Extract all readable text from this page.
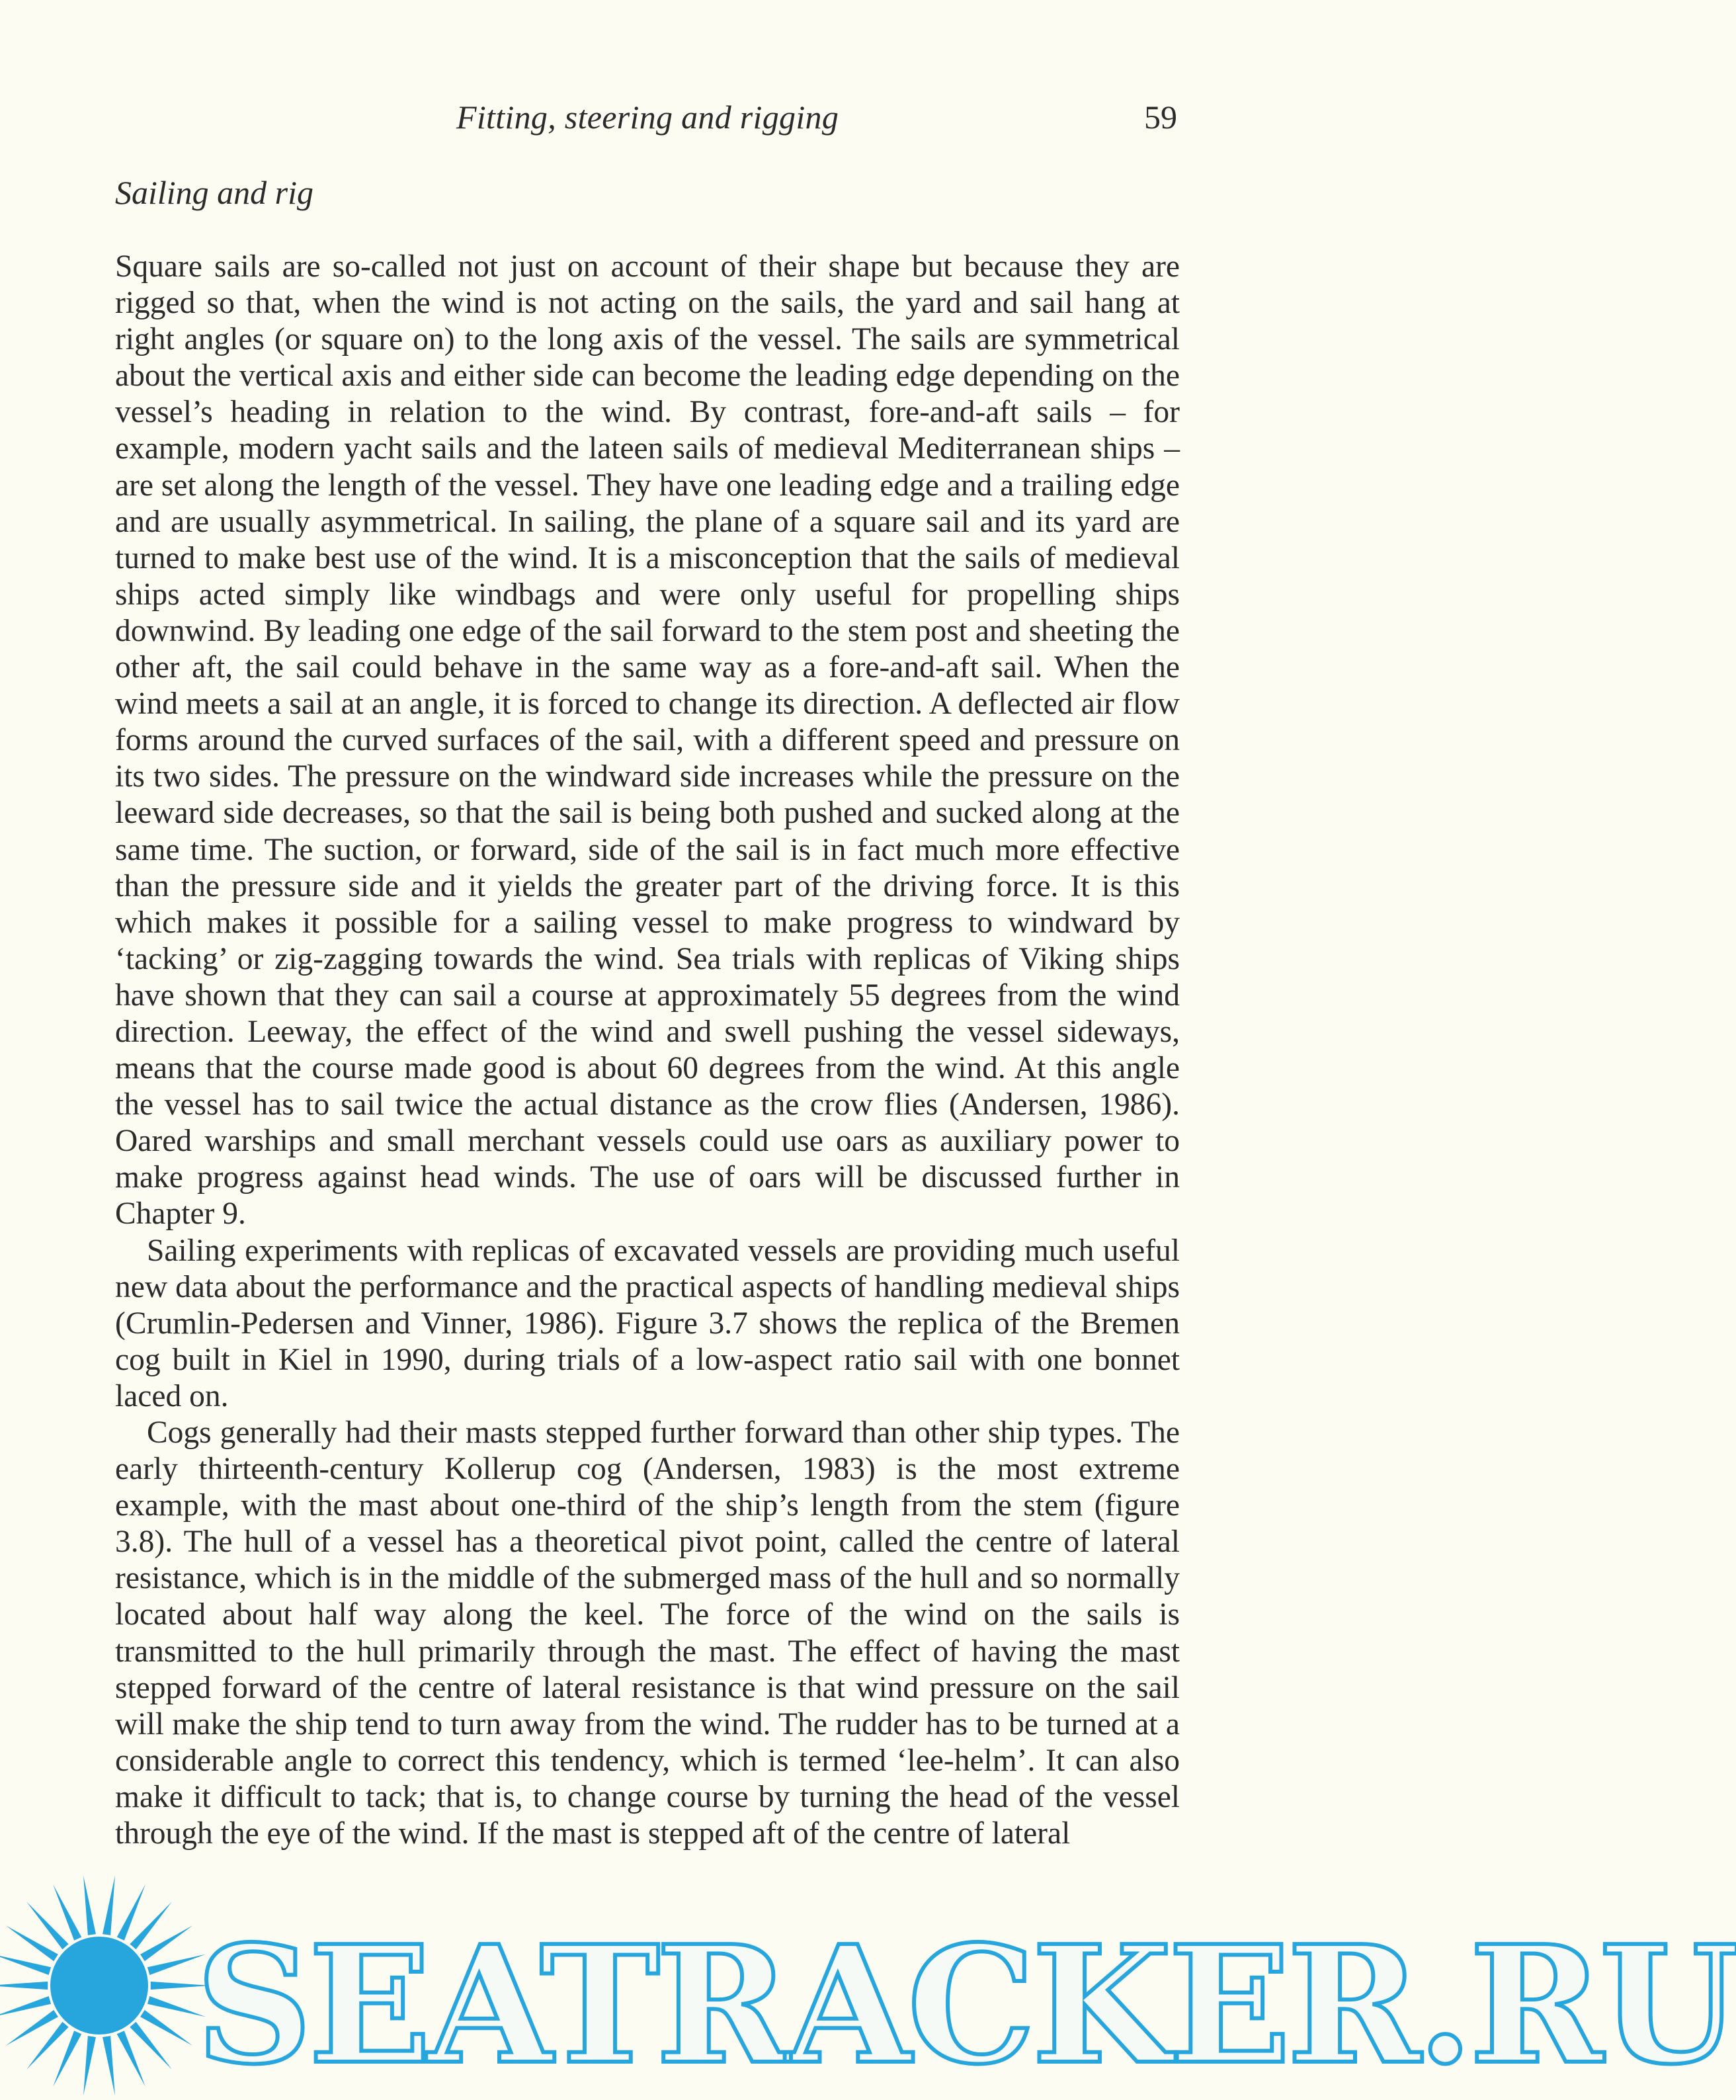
Fitting, steering and rigging	59
Sailing and rig

Square sails are so-called not just on account of their shape but because they are rigged so that, when the wind is not acting on the sails, the yard and sail hang at right angles (or square on) to the long axis of the vessel. The sails are symmetrical about the vertical axis and either side can become the leading edge depending on the vessel’s heading in relation to the wind. By contrast, fore-and-aft sails – for example, modern yacht sails and the lateen sails of medieval Mediterranean ships – are set along the length of the vessel. They have one leading edge and a trailing edge and are usually asymmetrical. In sailing, the plane of a square sail and its yard are turned to make best use of the wind. It is a misconception that the sails of medieval ships acted simply like windbags and were only useful for propelling ships downwind. By leading one edge of the sail forward to the stem post and sheeting the other aft, the sail could behave in the same way as a fore-and-aft sail. When the wind meets a sail at an angle, it is forced to change its direction. A deflected air flow forms around the curved surfaces of the sail, with a different speed and pressure on its two sides. The pressure on the windward side increases while the pressure on the leeward side decreases, so that the sail is being both pushed and sucked along at the same time. The suction, or forward, side of the sail is in fact much more effective than the pressure side and it yields the greater part of the driving force. It is this which makes it possible for a sailing vessel to make progress to windward by ‘tacking’ or zig-zagging towards the wind. Sea trials with replicas of Viking ships have shown that they can sail a course at approximately 55 degrees from the wind direction. Leeway, the effect of the wind and swell pushing the vessel sideways, means that the course made good is about 60 degrees from the wind. At this angle the vessel has to sail twice the actual distance as the crow flies (Andersen, 1986). Oared warships and small merchant vessels could use oars as auxiliary power to make progress against head winds. The use of oars will be discussed further in Chapter 9.

Sailing experiments with replicas of excavated vessels are providing much useful new data about the performance and the practical aspects of handling medieval ships (Crumlin-Pedersen and Vinner, 1986). Figure 3.7 shows the replica of the Bremen cog built in Kiel in 1990, during trials of a low-aspect ratio sail with one bonnet laced on.

Cogs generally had their masts stepped further forward than other ship types. The early thirteenth-century Kollerup cog (Andersen, 1983) is the most extreme example, with the mast about one-third of the ship’s length from the stem (figure 3.8). The hull of a vessel has a theoretical pivot point, called the centre of lateral resistance, which is in the middle of the submerged mass of the hull and so normally located about half way along the keel. The force of the wind on the sails is transmitted to the hull primarily through the mast. The effect of having the mast stepped forward of the centre of lateral resistance is that wind pressure on the sail will make the ship tend to turn away from the wind. The rudder has to be turned at a considerable angle to correct this tendency, which is termed ‘lee-helm’. It can also make it difficult to tack; that is, to change course by turning the head of the vessel through the eye of the wind. If the mast is stepped aft of the centre of lateral

SEATRACKER.RU
